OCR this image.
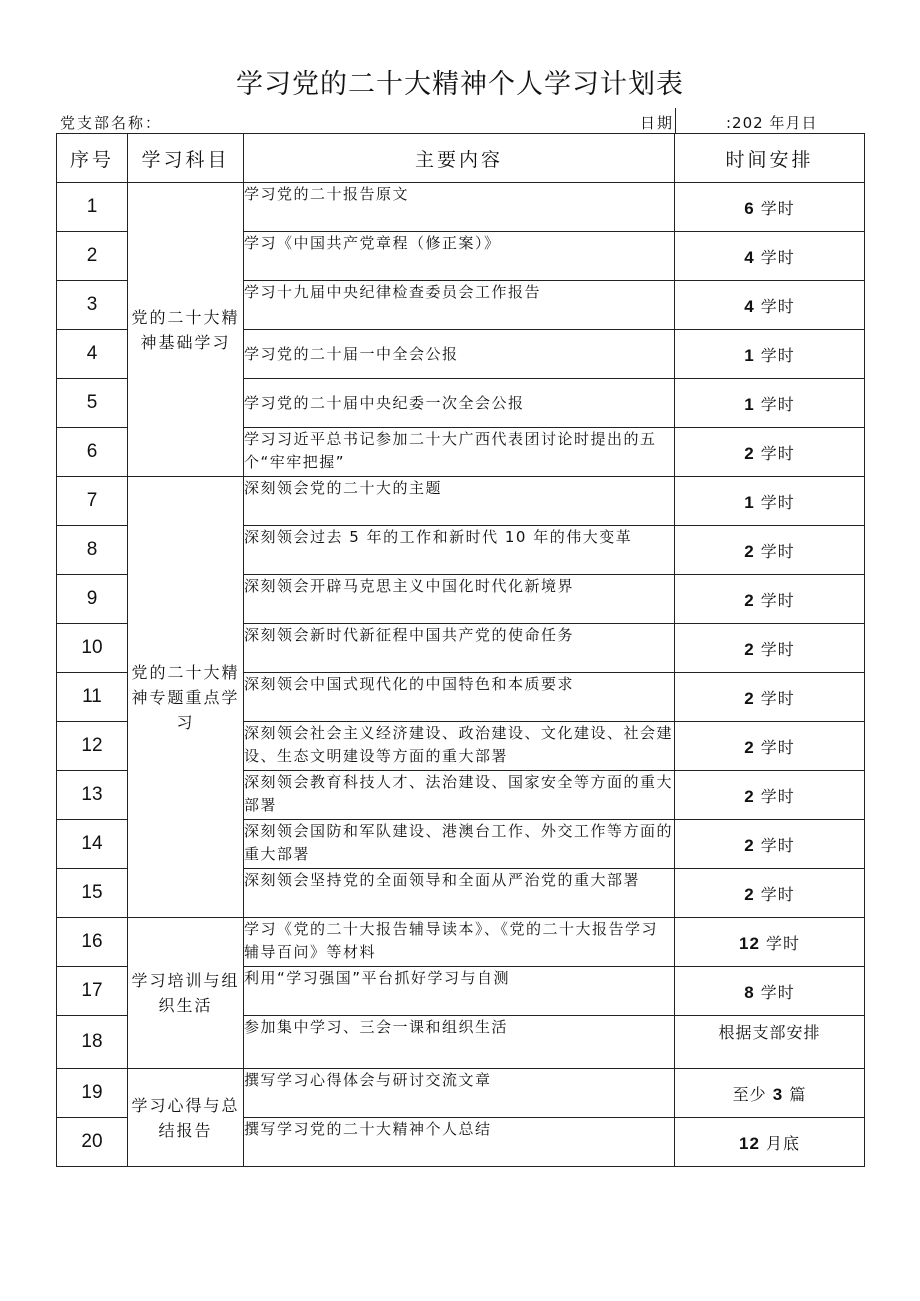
学习党的二十大精神个人学习计划表
党支部名称：	日期	:202 年月日
序号	学习科目	主要内容	时间安排
1	党的二十大精神基础学习	学习党的二十报告原文	6 学时
2		学习《中国共产党章程（修正案）》	4 学时
3		学习十九届中央纪律检查委员会工作报告	4 学时
4		学习党的二十届一中全会公报	1 学时
5		学习党的二十届中央纪委一次全会公报	1 学时
6		学习习近平总书记参加二十大广西代表团讨论时提出的五个“牢牢把握”	2 学时
7	党的二十大精神专题重点学习	深刻领会党的二十大的主题	1 学时
8		深刻领会过去 5 年的工作和新时代 10 年的伟大变革	2 学时
9		深刻领会开辟马克思主义中国化时代化新境界	2 学时
10		深刻领会新时代新征程中国共产党的使命任务	2 学时
11		深刻领会中国式现代化的中国特色和本质要求	2 学时
12		深刻领会社会主义经济建设、政治建设、文化建设、社会建设、生态文明建设等方面的重大部署	2 学时
13		深刻领会教育科技人才、法治建设、国家安全等方面的重大部署	2 学时
14		深刻领会国防和军队建设、港澳台工作、外交工作等方面的重大部署	2 学时
15		深刻领会坚持党的全面领导和全面从严治党的重大部署	2 学时
16	学习培训与组织生活	学习《党的二十大报告辅导读本》、《党的二十大报告学习辅导百问》等材料	12 学时
17		利用“学习强国”平台抓好学习与自测	8 学时
18		参加集中学习、三会一课和组织生活	根据支部安排
19	学习心得与总结报告	撰写学习心得体会与研讨交流文章	至少 3 篇
20		撰写学习党的二十大精神个人总结	12 月底
